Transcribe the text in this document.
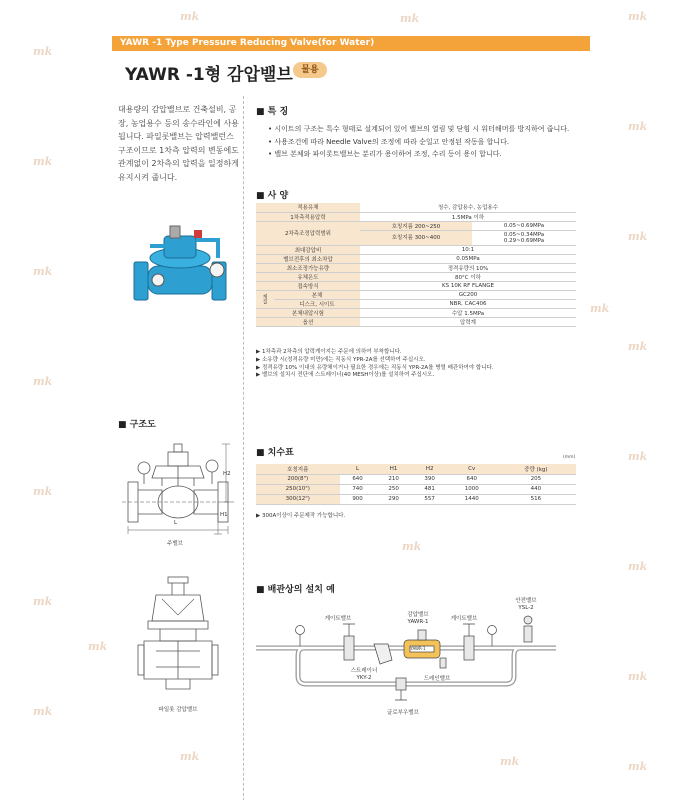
mk
mk
mk
mk
mk
mk
mk
mk
mk
mk
mk
mk
mk
mk
mk
mk
mk
mk
mk
mk
mk
mk
YAWR -1 Type Pressure Reducing Valve(for Water)
YAWR -1형 감압밸브 물용
대용량의 감압밸브로 건축설비, 공장, 농업용수 등의 송수라인에 사용됩니다. 파일롯밸브는 압력밸런스 구조이므로 1차측 압력의 변동에도 관계없이 2차측의 압력을 일정하게 유지시켜 줍니다.
■ 특 징
• 시이트의 구조는 특수 형태로 설계되어 있어 밸브의 열림 및 닫힘 시 워터해머를 방지하여 줍니다.
• 사용조건에 따라 Needle Valve의 조정에 따라 순일고 안정된 작동을 합니다.
• 밸브 본체와 파이롯트밸브는 분리가 용이하여 조정, 수리 등이 용이 합니다.
■ 사 양
적용유체		청수, 감압용수, 농업용수	
1차측적용압력		1.5MPa 이하	
2차측조정압력범위		호칭지름 200~250	0.05~0.69MPa
		호칭지름 300~400	0.05~0.34MPa
0.29~0.69MPa
최대감압비		10:1	
밸브전후의 최소차압		0.05MPa	
최소조정가능유량		정격유량의 10%	
유체온도		80°C 이하	
접속방식		KS 10K RF FLANGE	
재질	본체	GC200	
	디스크, 시이트	NBR, CAC406	
본체내압시험		수압 1.5MPa	
옵션		압력계	
▶ 1차측과 2차측의 압력게이지는 주문에 의하여 부착합니다.
▶ 소유량 시(정격유량 미만)에는 직동식 YPR-2A를 선택하여 주십시오.
▶ 정격유량 10% 이내의 유량체이거나 필요한 경우에는 직동식 YPR-2A를 병렬 배관하여야 합니다.
▶ 밸브의 설치시 전단에 스트레이너(40 MESH이상)를 설치하여 주십시오.
■ 구조도
H2
H1
L
주밸브
파일롯 감압밸브
■ 치수표	(mm)
호칭지름	L	H1	H2	Cv	중량 (kg)
200(8")	640	210	390	640	205
250(10")	740	250	481	1000	440
300(12")	900	290	557	1440	516
▶ 300A이상이 주문제작 가능합니다.
■ 배관상의 설치 예
게이트밸브
감압밸브
YAWR-1	게이트밸브
안전밸브
YSL-2
스트레이너
YKY-2	드레인밸브
글로부우밸브
YAWR-1
